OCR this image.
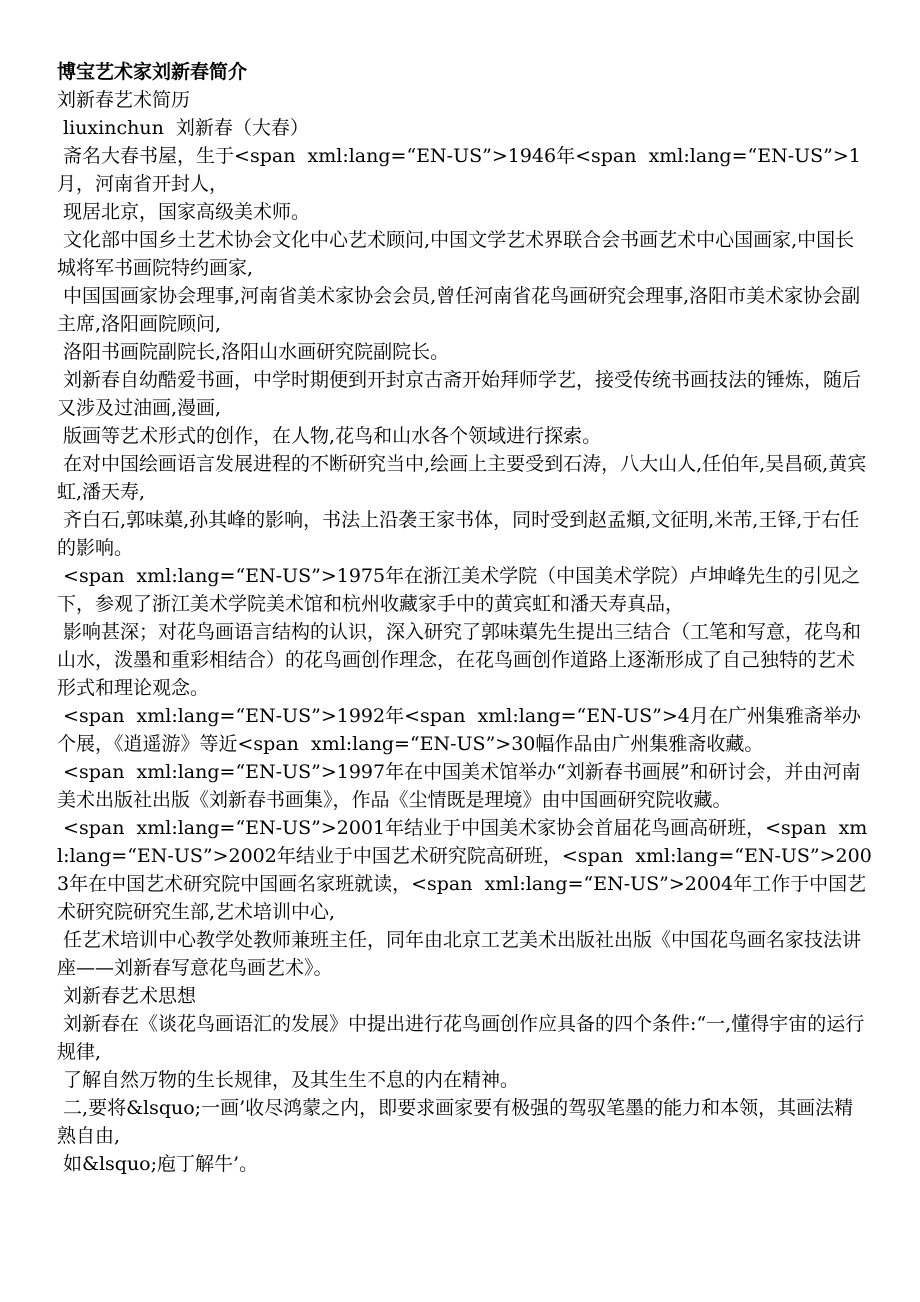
博宝艺术家刘新春简介

刘新春艺术简历

liuxinchun  刘新春（大春）

斋名大春书屋，生于<span  xml:lang=“EN-US”>1946年<span  xml:lang=“EN-US”>1月，河南省开封人，

现居北京，国家高级美术师。

文化部中国乡土艺术协会文化中心艺术顾问,中国文学艺术界联合会书画艺术中心国画家,中国长城将军书画院特约画家,

中国国画家协会理事,河南省美术家协会会员,曾任河南省花鸟画研究会理事,洛阳市美术家协会副主席,洛阳画院顾问,

洛阳书画院副院长,洛阳山水画研究院副院长。

刘新春自幼酷爱书画，中学时期便到开封京古斋开始拜师学艺，接受传统书画技法的锤炼，随后又涉及过油画,漫画,

版画等艺术形式的创作，在人物,花鸟和山水各个领域进行探索。

在对中国绘画语言发展进程的不断研究当中,绘画上主要受到石涛，八大山人,任伯年,吴昌硕,黄宾虹,潘天寿,

齐白石,郭味蕖,孙其峰的影响，书法上沿袭王家书体，同时受到赵孟頫,文征明,米芾,王铎,于右任的影响。

<span  xml:lang=“EN-US”>1975年在浙江美术学院（中国美术学院）卢坤峰先生的引见之下，参观了浙江美术学院美术馆和杭州收藏家手中的黄宾虹和潘天寿真品，

影响甚深；对花鸟画语言结构的认识，深入研究了郭味蕖先生提出三结合（工笔和写意，花鸟和山水，泼墨和重彩相结合）的花鸟画创作理念，在花鸟画创作道路上逐渐形成了自己独特的艺术形式和理论观念。

<span  xml:lang=“EN-US”>1992年<span  xml:lang=“EN-US”>4月在广州集雅斋举办个展，《逍遥游》等近<span  xml:lang=“EN-US”>30幅作品由广州集雅斋收藏。

<span  xml:lang=“EN-US”>1997年在中国美术馆举办“刘新春书画展”和研讨会，并由河南美术出版社出版《刘新春书画集》，作品《尘情既是理境》由中国画研究院收藏。

<span  xml:lang=“EN-US”>2001年结业于中国美术家协会首届花鸟画高研班，<span  xml:lang=“EN-US”>2002年结业于中国艺术研究院高研班，<span  xml:lang=“EN-US”>2003年在中国艺术研究院中国画名家班就读，<span  xml:lang=“EN-US”>2004年工作于中国艺术研究院研究生部,艺术培训中心,

任艺术培训中心教学处教师兼班主任，同年由北京工艺美术出版社出版《中国花鸟画名家技法讲座——刘新春写意花鸟画艺术》。

刘新春艺术思想

刘新春在《谈花鸟画语汇的发展》中提出进行花鸟画创作应具备的四个条件:“一,懂得宇宙的运行规律,

了解自然万物的生长规律，及其生生不息的内在精神。

二,要将&lsquo;一画’收尽鸿蒙之内，即要求画家要有极强的驾驭笔墨的能力和本领，其画法精熟自由,

如&lsquo;庖丁解牛’。
